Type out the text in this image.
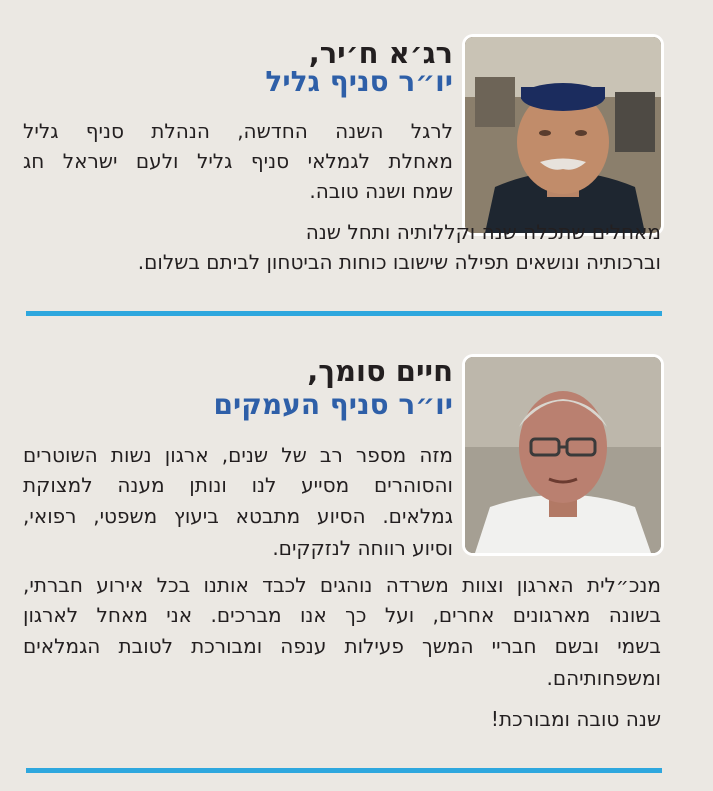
רג׳א ח׳יר,
יו״ר סניף גליל
לרגל השנה החדשה, הנהלת סניף גליל
מאחלת לגמלאי סניף גליל ולעם ישראל חג
שמח ושנה טובה.
מאחלים שתכלה שנה וקללותיה ותחל שנה
וברכותיה ונושאים תפילה שישובו כוחות הביטחון לביתם בשלום.
חיים סומך,
יו״ר סניף העמקים
מזה מספר רב של שנים, ארגון נשות השוטרים
והסוהרים מסייע לנו ונותן מענה למצוקת
גמלאים. הסיוע מתבטא ביעוץ משפטי, רפואי,
וסיוע רווחה לנזקקים.
מנכ״לית הארגון וצוות משרדה נוהגים לכבד אותנו בכל אירוע חברתי,
בשונה מארגונים אחרים, ועל כך אנו מברכים. אני מאחל לארגון
בשמי ובשם חבריי המשך פעילות ענפה ומבורכת לטובת הגמלאים
ומשפחותיהם.
שנה טובה ומבורכת!
